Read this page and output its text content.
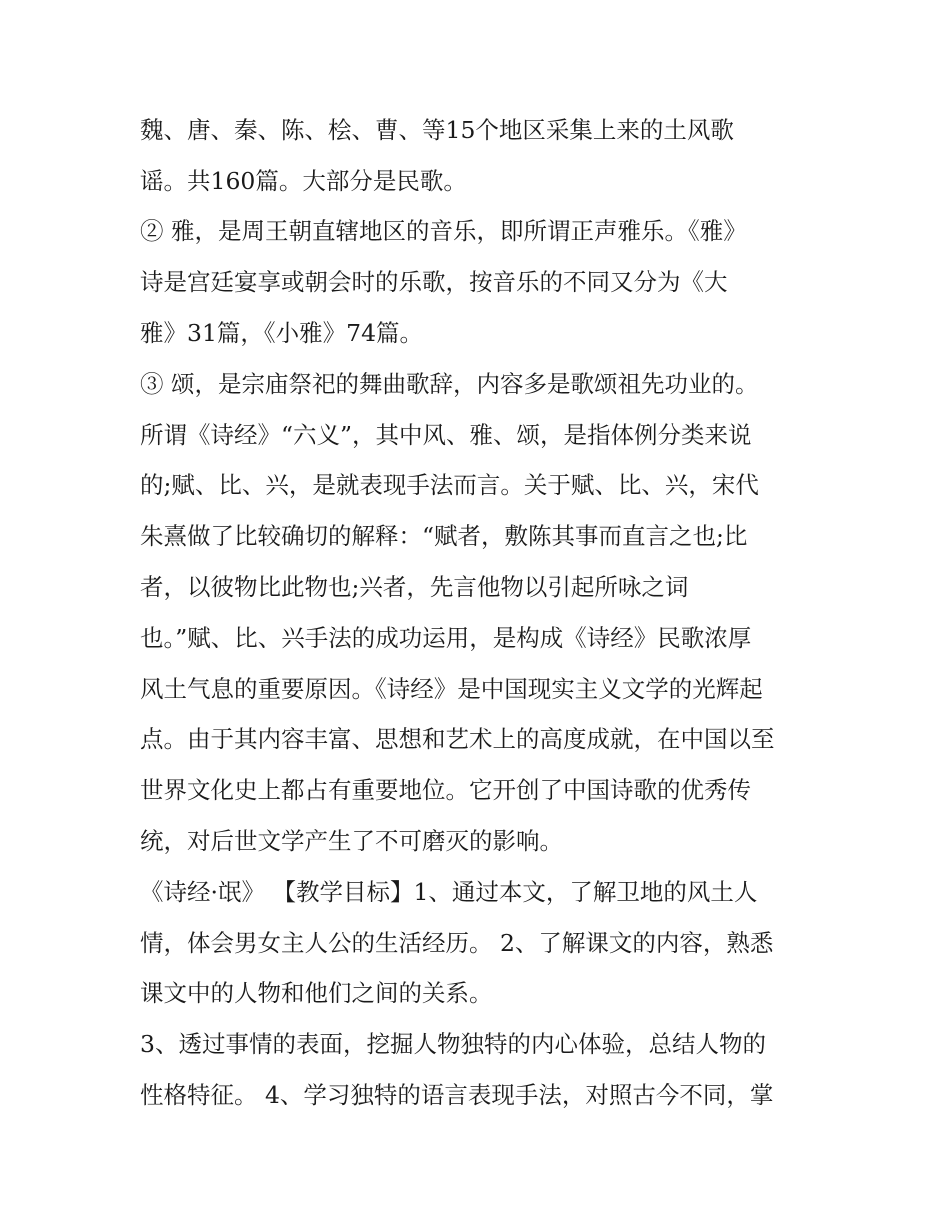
魏、唐、秦、陈、桧、曹、等15个地区采集上来的土风歌
谣。共160篇。大部分是民歌。
② 雅，是周王朝直辖地区的音乐，即所谓正声雅乐。《雅》
诗是宫廷宴享或朝会时的乐歌，按音乐的不同又分为《大
雅》31篇，《小雅》74篇。
③ 颂，是宗庙祭祀的舞曲歌辞，内容多是歌颂祖先功业的。
所谓《诗经》“六义”，其中风、雅、颂，是指体例分类来说
的;赋、比、兴，是就表现手法而言。关于赋、比、兴，宋代
朱熹做了比较确切的解释：“赋者，敷陈其事而直言之也;比
者，以彼物比此物也;兴者，先言他物以引起所咏之词
也。”赋、比、兴手法的成功运用，是构成《诗经》民歌浓厚
风土气息的重要原因。《诗经》是中国现实主义文学的光辉起
点。由于其内容丰富、思想和艺术上的高度成就，在中国以至
世界文化史上都占有重要地位。它开创了中国诗歌的优秀传
统，对后世文学产生了不可磨灭的影响。
《诗经·氓》 【教学目标】1、通过本文，了解卫地的风土人
情，体会男女主人公的生活经历。 2、了解课文的内容，熟悉
课文中的人物和他们之间的关系。
3、透过事情的表面，挖掘人物独特的内心体验，总结人物的
性格特征。 4、学习独特的语言表现手法，对照古今不同，掌
